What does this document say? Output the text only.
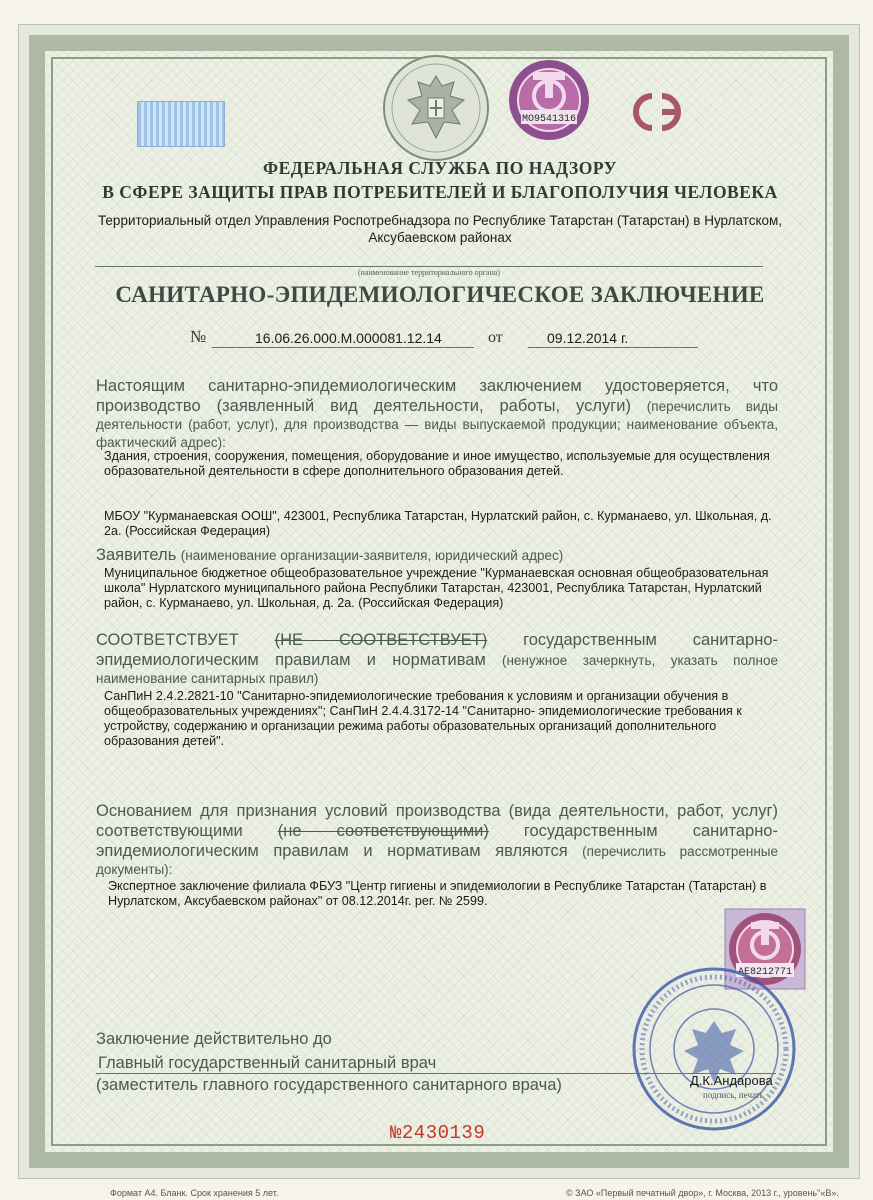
МО9541316
ФЕДЕРАЛЬНАЯ СЛУЖБА ПО НАДЗОРУ
В СФЕРЕ ЗАЩИТЫ ПРАВ ПОТРЕБИТЕЛЕЙ И БЛАГОПОЛУЧИЯ ЧЕЛОВЕКА
Территориальный отдел Управления Роспотребнадзора по Республике Татарстан (Татарстан) в Нурлатском,
Аксубаевском районах
(наименование территориального органа)
САНИТАРНО-ЭПИДЕМИОЛОГИЧЕСКОЕ ЗАКЛЮЧЕНИЕ
№	16.06.26.000.М.000081.12.14	от	09.12.2014 г.
Настоящим санитарно-эпидемиологическим заключением удостоверяется, что производство (заявленный вид деятельности, работы, услуги) (перечислить виды деятельности (работ, услуг), для производства — виды выпускаемой продукции; наименование объекта, фактический адрес):
Здания, строения, сооружения, помещения, оборудование и иное имущество, используемые для осуществления образовательной деятельности в сфере дополнительного образования детей.
МБОУ "Курманаевская ООШ", 423001, Республика Татарстан, Нурлатский район, с. Курманаево, ул. Школьная, д. 2а. (Российская Федерация)
Заявитель (наименование организации-заявителя, юридический адрес)
Муниципальное бюджетное общеобразовательное учреждение "Курманаевская основная общеобразовательная школа" Нурлатского муниципального района Республики Татарстан, 423001, Республика Татарстан, Нурлатский район, с. Курманаево, ул. Школьная, д. 2а. (Российская Федерация)
СООТВЕТСТВУЕТ (НЕ СООТВЕТСТВУЕТ) государственным санитарно-эпидемиологическим правилам и нормативам (ненужное зачеркнуть, указать полное наименование санитарных правил)
СанПиН 2.4.2.2821-10 "Санитарно-эпидемиологические требования к условиям и организации обучения в общеобразовательных учреждениях"; СанПиН 2.4.4.3172-14 "Санитарно- эпидемиологические требования к устройству, содержанию и организации режима работы образовательных организаций дополнительного образования детей".
Основанием для признания условий производства (вида деятельности, работ, услуг) соответствующими (не соответствующими) государственным санитарно-эпидемиологическим правилам и нормативам являются (перечислить рассмотренные документы):
Экспертное заключение филиала ФБУЗ "Центр гигиены и эпидемиологии в Республике Татарстан (Татарстан) в Нурлатском, Аксубаевском районах" от 08.12.2014г. рег. № 2599.
АЕ8212771
Заключение действительно до
Главный государственный санитарный врач
(заместитель главного государственного санитарного врача)	Д.К.Андарова
подпись, печать
№2430139
Формат А4. Бланк. Срок хранения 5 лет.	© ЗАО «Первый печатный двор», г. Москва, 2013 г., уровень"«В».
